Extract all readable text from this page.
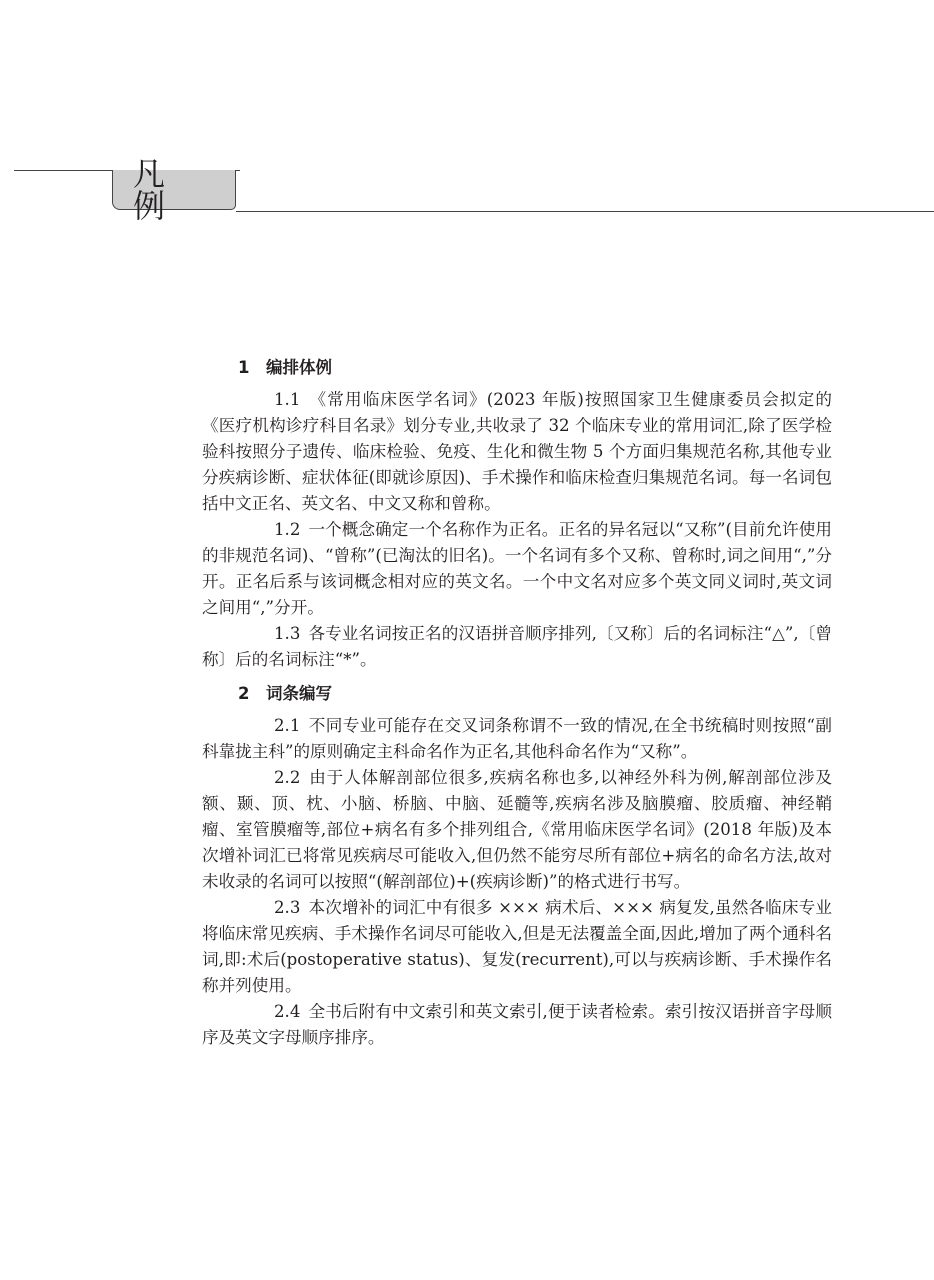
凡 例
1 编排体例

1.1 《常用临床医学名词》(2023 年版)按照国家卫生健康委员会拟定的《医疗机构诊疗科目名录》划分专业,共收录了 32 个临床专业的常用词汇,除了医学检验科按照分子遗传、临床检验、免疫、生化和微生物 5 个方面归集规范名称,其他专业分疾病诊断、症状体征(即就诊原因)、手术操作和临床检查归集规范名词。每一名词包括中文正名、英文名、中文又称和曾称。

1.2 一个概念确定一个名称作为正名。正名的异名冠以“又称”(目前允许使用的非规范名词)、“曾称”(已淘汰的旧名)。一个名词有多个又称、曾称时,词之间用“,”分开。正名后系与该词概念相对应的英文名。一个中文名对应多个英文同义词时,英文词之间用“,”分开。

1.3 各专业名词按正名的汉语拼音顺序排列,〔又称〕后的名词标注“△”,〔曾称〕后的名词标注“*”。

2 词条编写

2.1 不同专业可能存在交叉词条称谓不一致的情况,在全书统稿时则按照“副科靠拢主科”的原则确定主科命名作为正名,其他科命名作为“又称”。

2.2 由于人体解剖部位很多,疾病名称也多,以神经外科为例,解剖部位涉及额、颞、顶、枕、小脑、桥脑、中脑、延髓等,疾病名涉及脑膜瘤、胶质瘤、神经鞘瘤、室管膜瘤等,部位+病名有多个排列组合,《常用临床医学名词》(2018 年版)及本次增补词汇已将常见疾病尽可能收入,但仍然不能穷尽所有部位+病名的命名方法,故对未收录的名词可以按照“(解剖部位)+(疾病诊断)”的格式进行书写。

2.3 本次增补的词汇中有很多 ××× 病术后、××× 病复发,虽然各临床专业将临床常见疾病、手术操作名词尽可能收入,但是无法覆盖全面,因此,增加了两个通科名词,即:术后(postoperative status)、复发(recurrent),可以与疾病诊断、手术操作名称并列使用。

2.4 全书后附有中文索引和英文索引,便于读者检索。索引按汉语拼音字母顺序及英文字母顺序排序。
